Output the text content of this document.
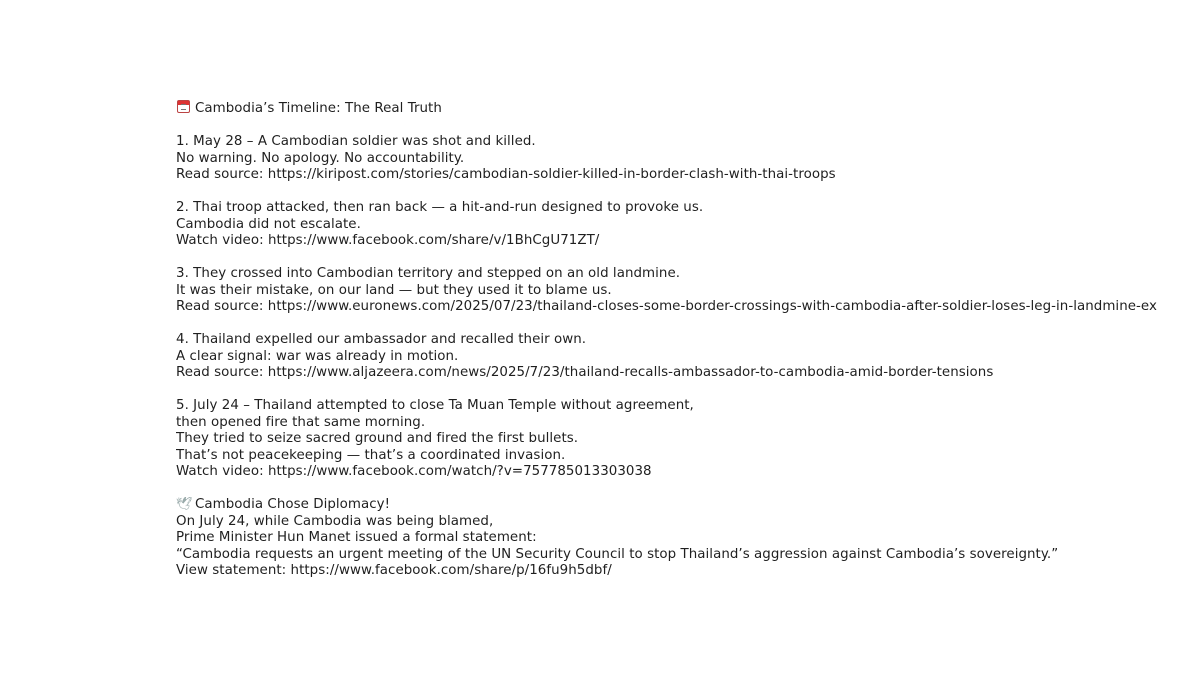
Cambodia’s Timeline: The Real Truth
1. May 28 – A Cambodian soldier was shot and killed.
No warning. No apology. No accountability.
Read source: https://kiripost.com/stories/cambodian-soldier-killed-in-border-clash-with-thai-troops
2. Thai troop attacked, then ran back — a hit-and-run designed to provoke us.
Cambodia did not escalate.
Watch video: https://www.facebook.com/share/v/1BhCgU71ZT/
3. They crossed into Cambodian territory and stepped on an old landmine.
It was their mistake, on our land — but they used it to blame us.
Read source: https://www.euronews.com/2025/07/23/thailand-closes-some-border-crossings-with-cambodia-after-soldier-loses-leg-in-landmine-ex
4. Thailand expelled our ambassador and recalled their own.
A clear signal: war was already in motion.
Read source: https://www.aljazeera.com/news/2025/7/23/thailand-recalls-ambassador-to-cambodia-amid-border-tensions
5. July 24 – Thailand attempted to close Ta Muan Temple without agreement,
then opened fire that same morning.
They tried to seize sacred ground and fired the first bullets.
That’s not peacekeeping — that’s a coordinated invasion.
Watch video: https://www.facebook.com/watch/?v=757785013303038
🕊 Cambodia Chose Diplomacy!
On July 24, while Cambodia was being blamed,
Prime Minister Hun Manet issued a formal statement:
“Cambodia requests an urgent meeting of the UN Security Council to stop Thailand’s aggression against Cambodia’s sovereignty.”
View statement: https://www.facebook.com/share/p/16fu9h5dbf/
